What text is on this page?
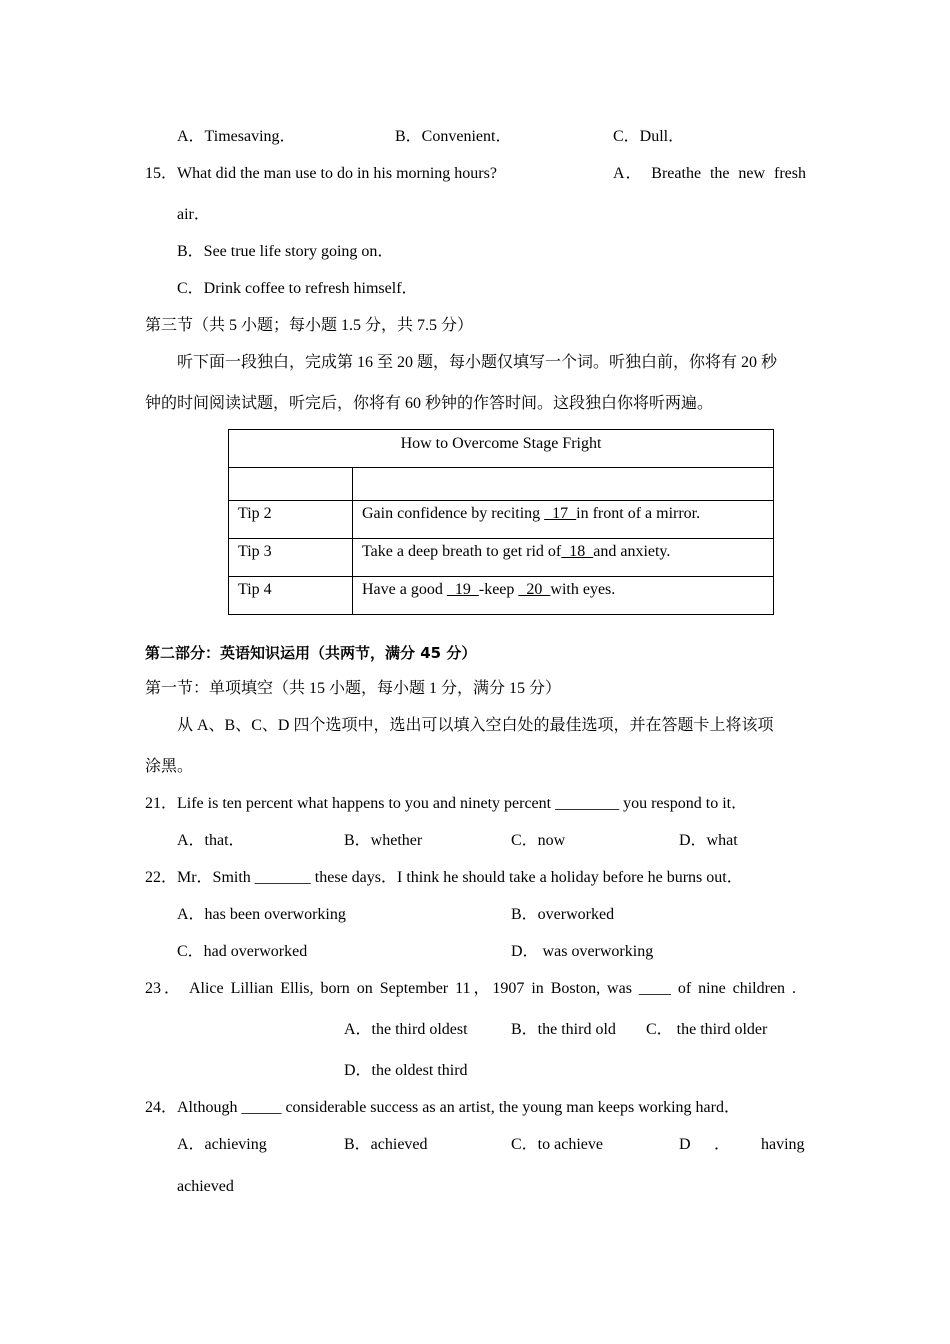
A．Timesaving．	B．Convenient．	C．Dull．
15．What did the man use to do in his morning hours?	A． Breathe the new fresh
air．
B．See true life story going on．
C．Drink coffee to refresh himself．
第三节（共 5 小题；每小题 1.5 分，共 7.5 分）
听下面一段独白，完成第 16 至 20 题，每小题仅填写一个词。听独白前，你将有 20 秒
钟的时间阅读试题，听完后，你将有 60 秒钟的作答时间。这段独白你将听两遍。
How to Overcome Stage Fright	

Tip 2	Gain confidence by reciting   17  in front of a mirror.
Tip 3	Take a deep breath to get rid of  18  and anxiety.
Tip 4	Have a good   19  -keep   20  with eyes.
第二部分：英语知识运用（共两节，满分 45 分）
第一节：单项填空（共 15 小题，每小题 1 分，满分 15 分）
从 A、B、C、D 四个选项中，选出可以填入空白处的最佳选项，并在答题卡上将该项
涂黑。
21．Life is ten percent what happens to you and ninety percent ________ you respond to it．
A．that．	B．whether	C．now	D．what
22．Mr．Smith _______ these days．I think he should take a holiday before he burns out．
A．has been overworking	B．overworked
C．had overworked	D． was overworking
23． Alice Lillian Ellis, born on September 11，1907 in Boston, was ____ of nine children .
A．the third oldest	B．the third old C． the third older
D．the oldest third
24．Although _____ considerable success as an artist, the young man keeps working hard．
A．achieving	B．achieved	C．to achieve	D ． having
achieved
